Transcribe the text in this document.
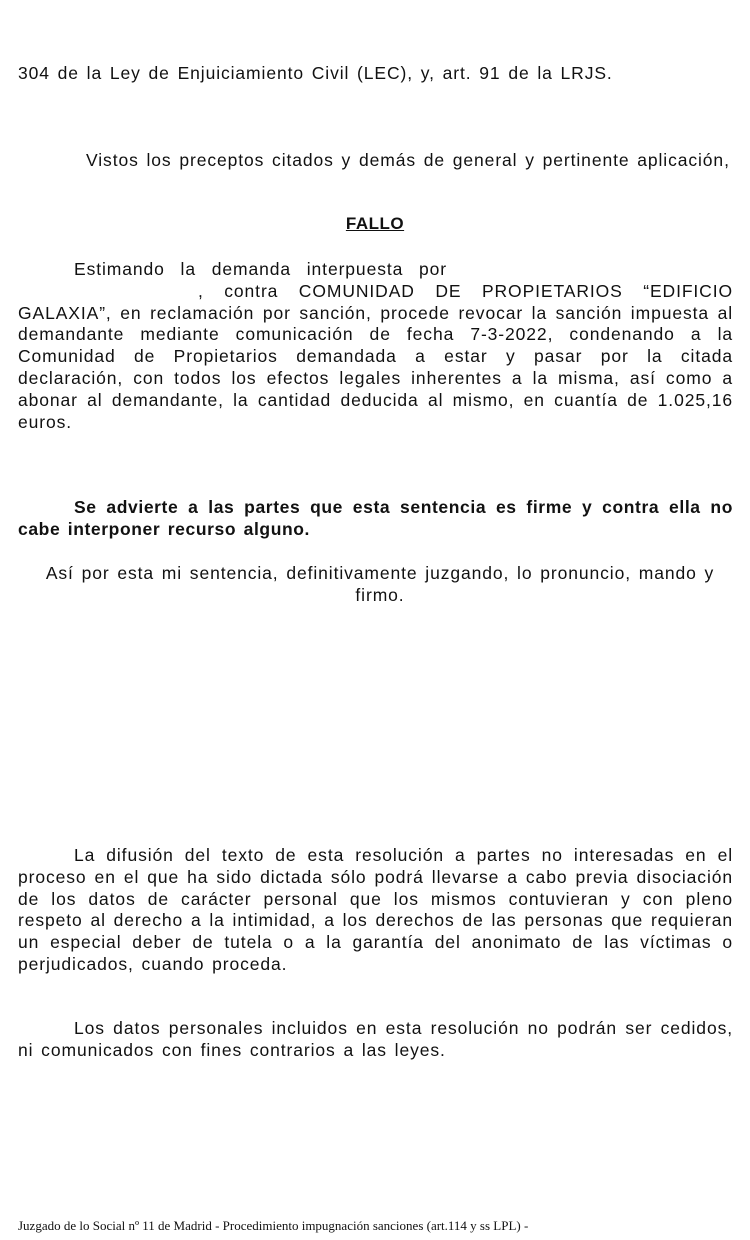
304 de la Ley de Enjuiciamiento Civil (LEC), y, art. 91 de la LRJS.

Vistos los preceptos citados y demás de general y pertinente aplicación,

FALLO

Estimando la demanda interpuesta por
, contra COMUNIDAD DE PROPIETARIOS “EDIFICIO GALAXIA”, en reclamación por sanción, procede revocar la sanción impuesta al demandante mediante comunicación de fecha 7-3-2022, condenando a la Comunidad de Propietarios demandada a estar y pasar por la citada declaración, con todos los efectos legales inherentes a la misma, así como a abonar al demandante, la cantidad deducida al mismo, en cuantía de 1.025,16 euros.

Se advierte a las partes que esta sentencia es firme y contra ella no cabe interponer recurso alguno.

Así por esta mi sentencia, definitivamente juzgando, lo pronuncio, mando y firmo.

La difusión del texto de esta resolución a partes no interesadas en el proceso en el que ha sido dictada sólo podrá llevarse a cabo previa disociación de los datos de carácter personal que los mismos contuvieran y con pleno respeto al derecho a la intimidad, a los derechos de las personas que requieran un especial deber de tutela o a la garantía del anonimato de las víctimas o perjudicados, cuando proceda.

Los datos personales incluidos en esta resolución no podrán ser cedidos, ni comunicados con fines contrarios a las leyes.

Juzgado de lo Social nº 11 de Madrid - Procedimiento impugnación sanciones (art.114 y ss LPL) -
